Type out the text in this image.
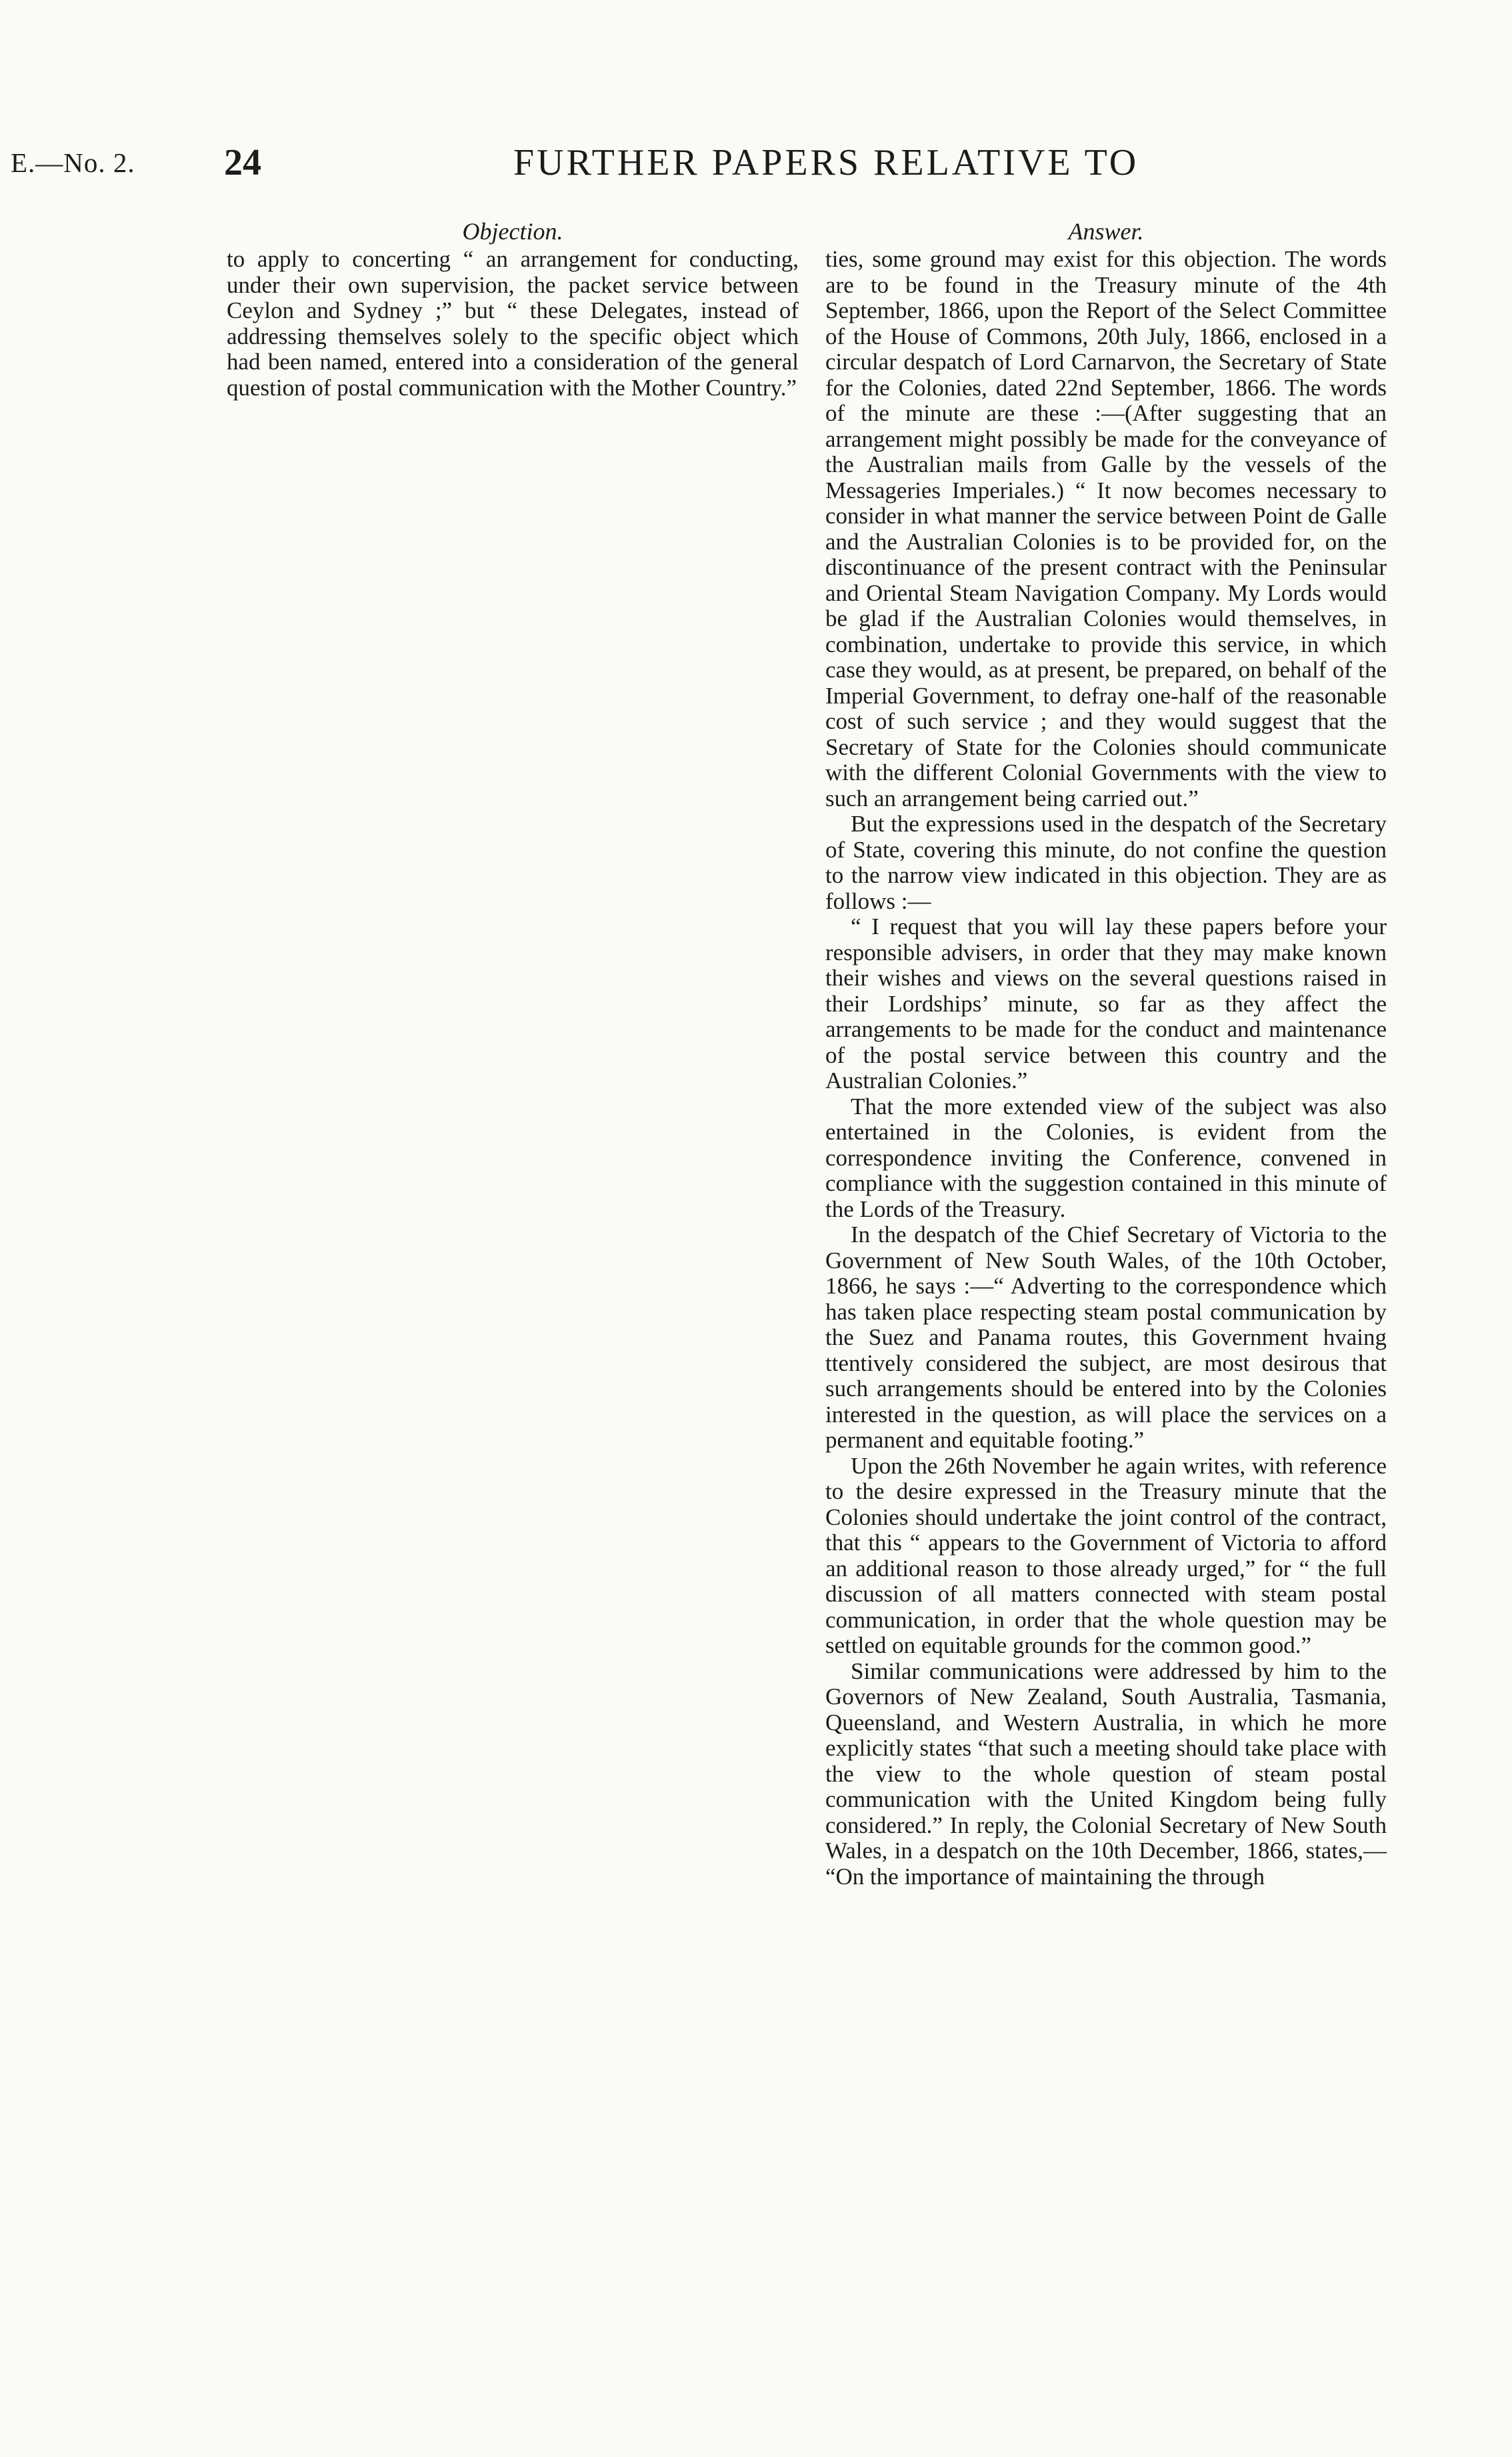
E.—No. 2. 24	FURTHER PAPERS RELATIVE TO
Objection.

to apply to concerting “ an arrangement for conducting, under their own supervision, the packet service between Ceylon and Sydney ;” but “ these Delegates, instead of addressing themselves solely to the specific object which had been named, entered into a consideration of the general question of postal communication with the Mother Country.”

Answer.

ties, some ground may exist for this objection. The words are to be found in the Treasury minute of the 4th September, 1866, upon the Report of the Select Committee of the House of Commons, 20th July, 1866, enclosed in a circular despatch of Lord Carnarvon, the Secretary of State for the Colonies, dated 22nd September, 1866. The words of the minute are these :—(After suggesting that an arrangement might possibly be made for the conveyance of the Australian mails from Galle by the vessels of the Messageries Imperiales.) “ It now becomes necessary to consider in what manner the service between Point de Galle and the Australian Colonies is to be provided for, on the discontinuance of the present contract with the Peninsular and Oriental Steam Navigation Company. My Lords would be glad if the Australian Colonies would themselves, in combination, undertake to provide this service, in which case they would, as at present, be prepared, on behalf of the Imperial Government, to defray one-half of the reasonable cost of such service ; and they would suggest that the Secretary of State for the Colonies should communicate with the different Colonial Governments with the view to such an arrangement being carried out.”

But the expressions used in the despatch of the Secretary of State, covering this minute, do not confine the question to the narrow view indicated in this objection. They are as follows :—

“ I request that you will lay these papers before your responsible advisers, in order that they may make known their wishes and views on the several questions raised in their Lordships’ minute, so far as they affect the arrangements to be made for the conduct and maintenance of the postal service between this country and the Australian Colonies.”

That the more extended view of the subject was also entertained in the Colonies, is evident from the correspondence inviting the Conference, convened in compliance with the suggestion contained in this minute of the Lords of the Treasury.

In the despatch of the Chief Secretary of Victoria to the Government of New South Wales, of the 10th October, 1866, he says :—“ Adverting to the correspondence which has taken place respecting steam postal communication by the Suez and Panama routes, this Government hvaing ttentively considered the subject, are most desirous that such arrangements should be entered into by the Colonies interested in the question, as will place the services on a permanent and equitable footing.”

Upon the 26th November he again writes, with reference to the desire expressed in the Treasury minute that the Colonies should undertake the joint control of the contract, that this “ appears to the Government of Victoria to afford an additional reason to those already urged,” for “ the full discussion of all matters connected with steam postal communication, in order that the whole question may be settled on equitable grounds for the common good.”

Similar communications were addressed by him to the Governors of New Zealand, South Australia, Tasmania, Queensland, and Western Australia, in which he more explicitly states “that such a meeting should take place with the view to the whole question of steam postal communication with the United Kingdom being fully considered.” In reply, the Colonial Secretary of New South Wales, in a despatch on the 10th December, 1866, states,— “On the importance of maintaining the through
